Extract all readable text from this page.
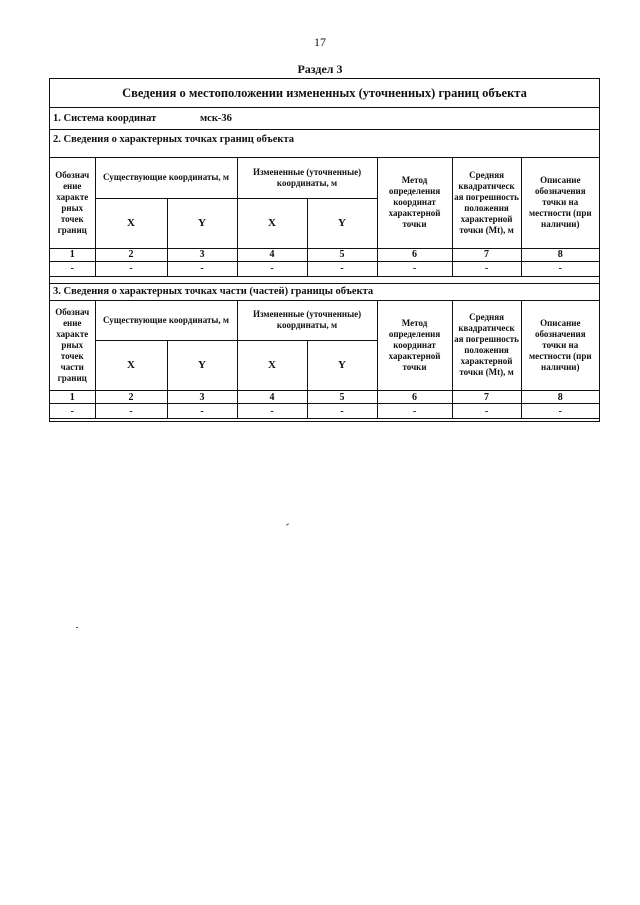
17
Раздел 3
Сведения о местоположении измененных (уточненных) границ объекта
1. Система координат	мск-36
2. Сведения о характерных точках границ объекта
Обознач ение характе рных точек границ	Существующие координаты, м		Измененные (уточненные) координаты, м		Метод определения координат характерной точки	Средняя квадратическ ая погрешность положения характерной точки (Mt), м	Описание обозначения точки на местности (при наличии)
	X	Y	X	Y			
1	2	3	4	5	6	7	8
-	-	-	-	-	-	-	-
3. Сведения о характерных точках части (частей) границы объекта
Обознач ение характе рных точек части границ	Существующие координаты, м		Измененные (уточненные) координаты, м		Метод определения координат характерной точки	Средняя квадратическ ая погрешность положения характерной точки (Mt), м	Описание обозначения точки на местности (при наличии)
	X	Y	X	Y			
1	2	3	4	5	6	7	8
-	-	-	-	-	-	-	-
